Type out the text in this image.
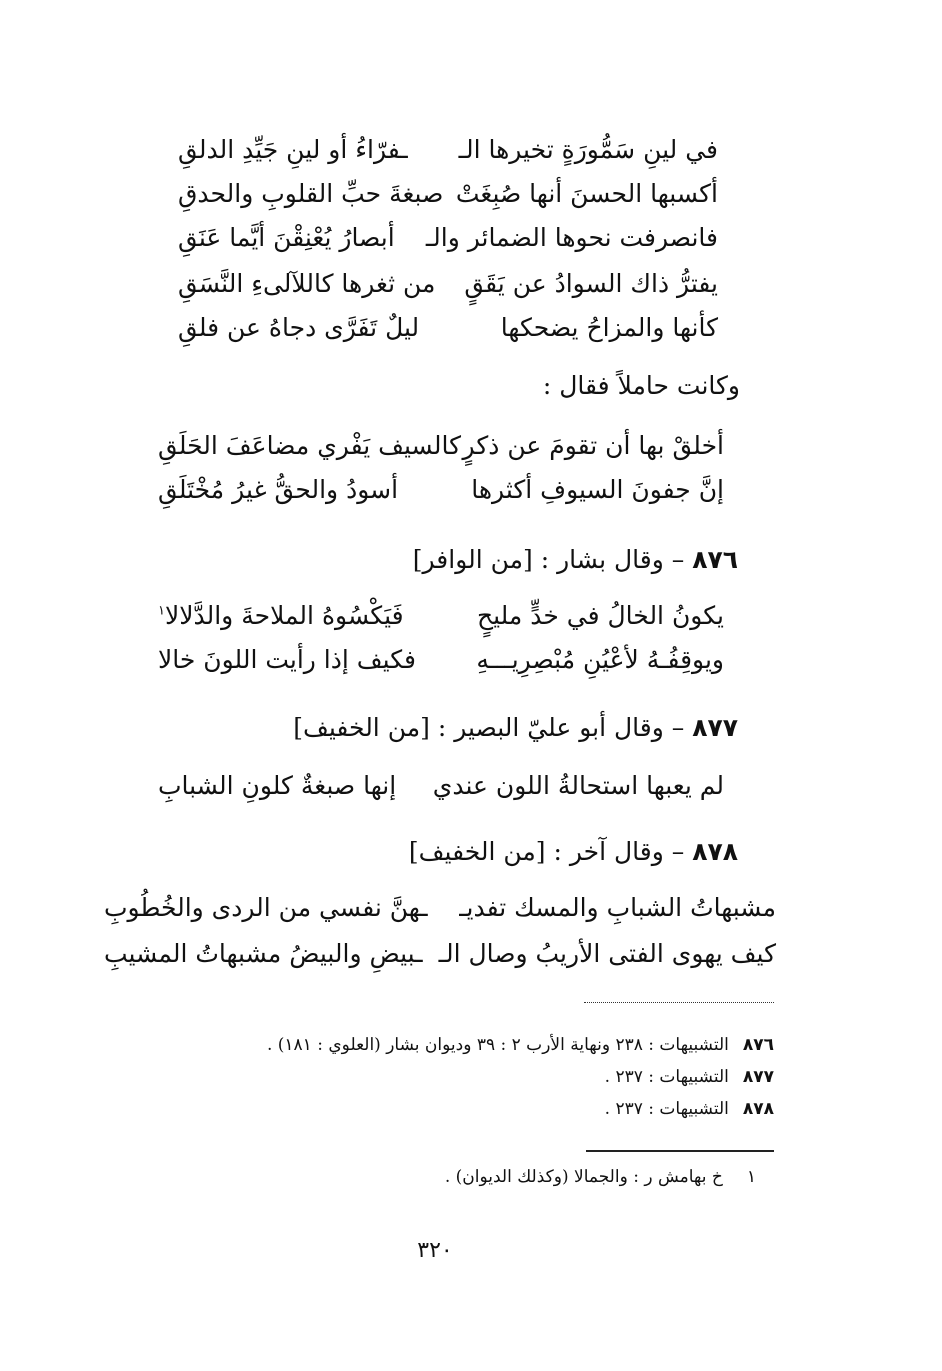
في لينِ سَمُّورَةٍ تخيرها الـ
ـفرّاءُ أو لينِ جَيِّدِ الدلقِ
أكسبها الحسنَ أنها صُبِغَتْ
صبغةَ حبِّ القلوبِ والحدقِ
فانصرفت نحوها الضمائر والـ
أبصارُ يُعْنِقْنَ أيَّما عَنَقِ
يفترُّ ذاك السوادُ عن يَقَقٍ
من ثغرها كاللآلىءِ النَّسَقِ
كأنها والمزاحُ يضحكها
ليلٌ تَفَرَّى دجاهُ عن فلقِ
وكانت حاملاً فقال :
أخلقْ بها أن تقومَ عن ذكرٍ
كالسيف يَفْري مضاعَفَ الحَلَقِ
إنَّ جفونَ السيوفِ أكثرها
أسودُ والحقُّ غيرُ مُخْتَلَقِ
٨٧٦ – وقال بشار : [من الوافر]
يكونُ الخالُ في خدٍّ مليحٍ
فَيَكْسُوهُ الملاحةَ والدَّلالا$^١$
ويوقِفُـهُ لأعْيُنِ مُبْصِرِيـــهِ
فكيف إذا رأيت اللونَ خالا
٨٧٧ – وقال أبو عليّ البصير : [من الخفيف]
لم يعبها استحالةُ اللون عندي
إنها صبغةٌ كلونِ الشبابِ
٨٧٨ – وقال آخر : [من الخفيف]
مشبهاتُ الشبابِ والمسك تفديـ
ـهنَّ نفسي من الردى والخُطُوبِ
كيف يهوى الفتى الأريبُ وصال الـ
ـبيضِ والبيضُ مشبهاتُ المشيبِ
٨٧٦التشبيهات : ٢٣٨ ونهاية الأرب ٢ : ٣٩ وديوان بشار (العلوي : ١٨١) .
٨٧٧التشبيهات : ٢٣٧ .
٨٧٨التشبيهات : ٢٣٧ .
١خ بهامش ر : والجمالا (وكذلك الديوان) .
٣٢٠
